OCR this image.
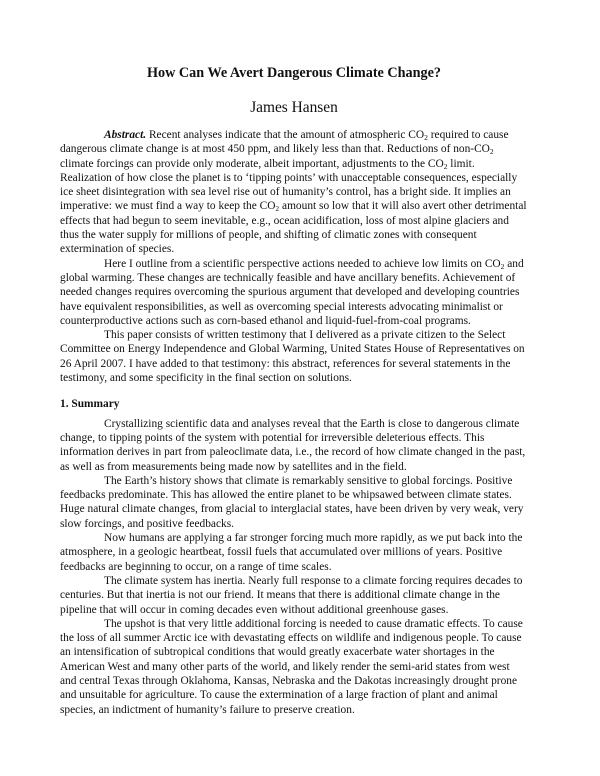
How Can We Avert Dangerous Climate Change?
James Hansen

Abstract. Recent analyses indicate that the amount of atmospheric $CO_2$ required to cause dangerous climate change is at most 450 ppm, and likely less than that. Reductions of non-$CO_2$ climate forcings can provide only moderate, albeit important, adjustments to the $CO_2$ limit. Realization of how close the planet is to ‘tipping points’ with unacceptable consequences, especially ice sheet disintegration with sea level rise out of humanity’s control, has a bright side. It implies an imperative: we must find a way to keep the $CO_2$ amount so low that it will also avert other detrimental effects that had begun to seem inevitable, e.g., ocean acidification, loss of most alpine glaciers and thus the water supply for millions of people, and shifting of climatic zones with consequent extermination of species.

Here I outline from a scientific perspective actions needed to achieve low limits on $CO_2$ and global warming. These changes are technically feasible and have ancillary benefits. Achievement of needed changes requires overcoming the spurious argument that developed and developing countries have equivalent responsibilities, as well as overcoming special interests advocating minimalist or counterproductive actions such as corn-based ethanol and liquid-fuel-from-coal programs.

This paper consists of written testimony that I delivered as a private citizen to the Select Committee on Energy Independence and Global Warming, United States House of Representatives on 26 April 2007. I have added to that testimony: this abstract, references for several statements in the testimony, and some specificity in the final section on solutions.

1. Summary

Crystallizing scientific data and analyses reveal that the Earth is close to dangerous climate change, to tipping points of the system with potential for irreversible deleterious effects. This information derives in part from paleoclimate data, i.e., the record of how climate changed in the past, as well as from measurements being made now by satellites and in the field.

The Earth’s history shows that climate is remarkably sensitive to global forcings. Positive feedbacks predominate. This has allowed the entire planet to be whipsawed between climate states. Huge natural climate changes, from glacial to interglacial states, have been driven by very weak, very slow forcings, and positive feedbacks.

Now humans are applying a far stronger forcing much more rapidly, as we put back into the atmosphere, in a geologic heartbeat, fossil fuels that accumulated over millions of years. Positive feedbacks are beginning to occur, on a range of time scales.

The climate system has inertia. Nearly full response to a climate forcing requires decades to centuries. But that inertia is not our friend. It means that there is additional climate change in the pipeline that will occur in coming decades even without additional greenhouse gases.

The upshot is that very little additional forcing is needed to cause dramatic effects. To cause the loss of all summer Arctic ice with devastating effects on wildlife and indigenous people. To cause an intensification of subtropical conditions that would greatly exacerbate water shortages in the American West and many other parts of the world, and likely render the semi-arid states from west and central Texas through Oklahoma, Kansas, Nebraska and the Dakotas increasingly drought prone and unsuitable for agriculture. To cause the extermination of a large fraction of plant and animal species, an indictment of humanity’s failure to preserve creation.
